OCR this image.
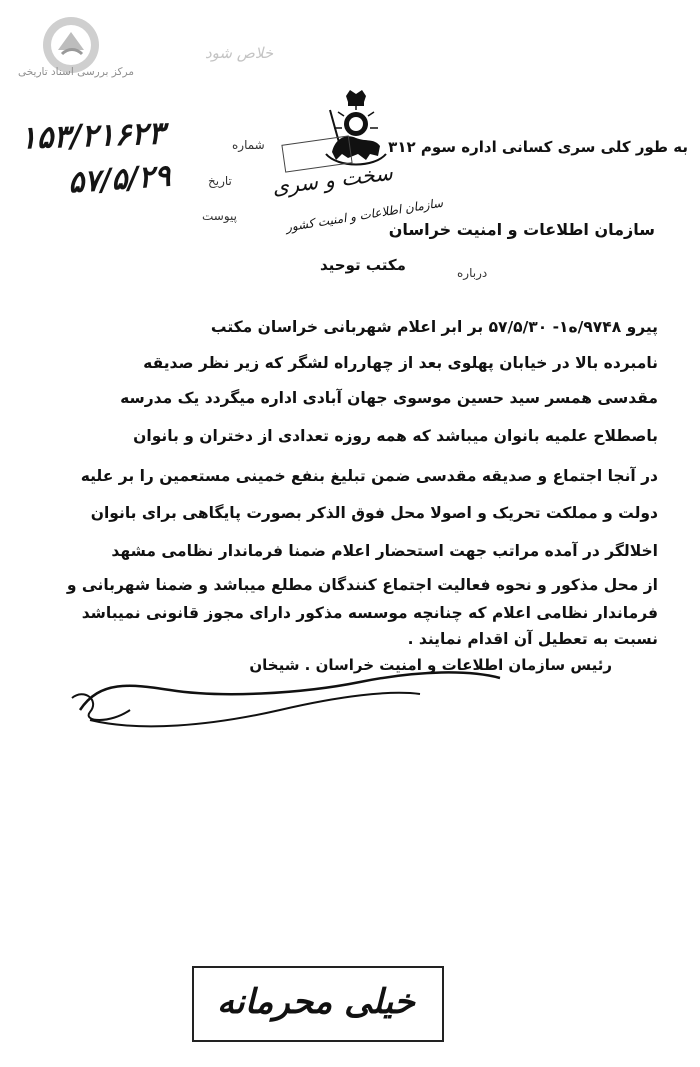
مرکز بررسی اسناد تاریخی
خلاص شود
به طور کلی سری کسانی اداره سوم ۳۱۲
سخت و سری
سازمان اطلاعات و امنیت کشور
سازمان اطلاعات و امنیت خراسان
شماره
۱۵۳/۲۱۶۲۳
تاریخ
۵۷/۵/۲۹
پیوست
درباره
مکتب توحید
پیرو ۹۷۴۸/ه۱- ۵۷/۵/۳۰ بر ابر اعلام شهربانی خراسان مکتب
نامبرده بالا در خیابان پهلوی بعد از چهارراه لشگر که زیر نظر صدیقه
مقدسی همسر سید حسین موسوی جهان آبادی اداره میگردد یک مدرسه
باصطلاح علمیه بانوان میباشد که همه روزه تعدادی از دختران و بانوان
در آنجا اجتماع و صدیقه مقدسی ضمن تبلیغ بنفع خمینی مستعمین را بر علیه
دولت و مملکت تحریک و اصولا محل فوق الذکر بصورت پایگاهی برای بانوان
اخلالگر در آمده مراتب جهت استحضار اعلام ضمنا فرماندار نظامی مشهد
از محل مذکور و نحوه فعالیت اجتماع کنندگان مطلع میباشد و ضمنا شهربانی و
فرماندار نظامی اعلام که چنانچه موسسه مذکور دارای مجوز قانونی نمیباشد
نسبت به تعطیل آن اقدام نمایند .
رئیس سازمان اطلاعات و امنیت خراسان . شیخان
خیلی محرمانه
